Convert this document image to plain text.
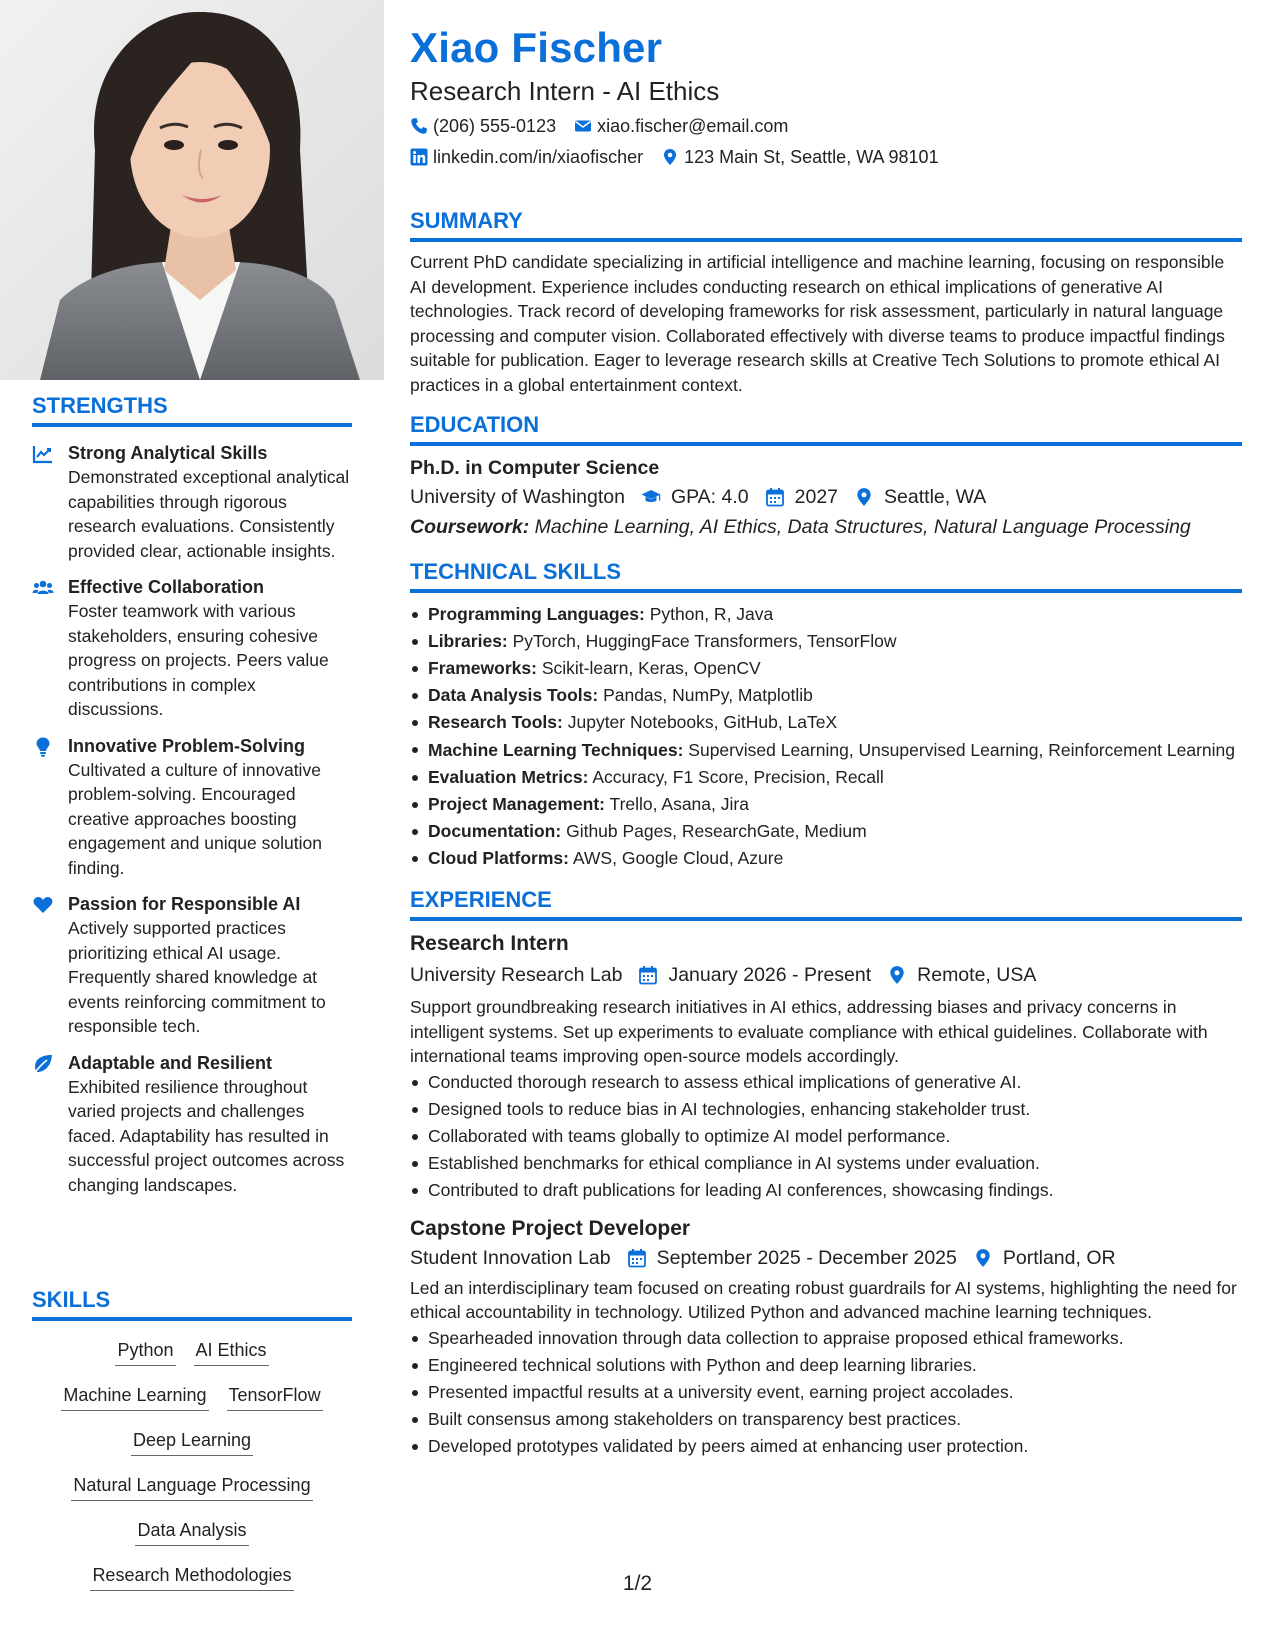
STRENGTHS
Strong Analytical Skills
Demonstrated exceptional analytical capabilities through rigorous research evaluations. Consistently provided clear, actionable insights.
Effective Collaboration
Foster teamwork with various stakeholders, ensuring cohesive progress on projects. Peers value contributions in complex discussions.
Innovative Problem-Solving
Cultivated a culture of innovative problem-solving. Encouraged creative approaches boosting engagement and unique solution finding.
Passion for Responsible AI
Actively supported practices prioritizing ethical AI usage. Frequently shared knowledge at events reinforcing commitment to responsible tech.
Adaptable and Resilient
Exhibited resilience throughout varied projects and challenges faced. Adaptability has resulted in successful project outcomes across changing landscapes.
SKILLS
Python AI Ethics
Machine Learning TensorFlow
Deep Learning
Natural Language Processing
Data Analysis
Research Methodologies
Xiao Fischer
Research Intern - AI Ethics
(206) 555-0123 xiao.fischer@email.com
linkedin.com/in/xiaofischer 123 Main St, Seattle, WA 98101
SUMMARY
Current PhD candidate specializing in artificial intelligence and machine learning, focusing on responsible AI development. Experience includes conducting research on ethical implications of generative AI technologies. Track record of developing frameworks for risk assessment, particularly in natural language processing and computer vision. Collaborated effectively with diverse teams to produce impactful findings suitable for publication. Eager to leverage research skills at Creative Tech Solutions to promote ethical AI practices in a global entertainment context.
EDUCATION
Ph.D. in Computer Science
University of Washington GPA: 4.0 2027 Seattle, WA
Coursework: Machine Learning, AI Ethics, Data Structures, Natural Language Processing
TECHNICAL SKILLS
Programming Languages: Python, R, Java
Libraries: PyTorch, HuggingFace Transformers, TensorFlow
Frameworks: Scikit-learn, Keras, OpenCV
Data Analysis Tools: Pandas, NumPy, Matplotlib
Research Tools: Jupyter Notebooks, GitHub, LaTeX
Machine Learning Techniques: Supervised Learning, Unsupervised Learning, Reinforcement Learning
Evaluation Metrics: Accuracy, F1 Score, Precision, Recall
Project Management: Trello, Asana, Jira
Documentation: Github Pages, ResearchGate, Medium
Cloud Platforms: AWS, Google Cloud, Azure
EXPERIENCE
Research Intern
University Research Lab January 2026 - Present Remote, USA
Support groundbreaking research initiatives in AI ethics, addressing biases and privacy concerns in intelligent systems. Set up experiments to evaluate compliance with ethical guidelines. Collaborate with international teams improving open-source models accordingly.
Conducted thorough research to assess ethical implications of generative AI.
Designed tools to reduce bias in AI technologies, enhancing stakeholder trust.
Collaborated with teams globally to optimize AI model performance.
Established benchmarks for ethical compliance in AI systems under evaluation.
Contributed to draft publications for leading AI conferences, showcasing findings.
Capstone Project Developer
Student Innovation Lab September 2025 - December 2025 Portland, OR
Led an interdisciplinary team focused on creating robust guardrails for AI systems, highlighting the need for ethical accountability in technology. Utilized Python and advanced machine learning techniques.
Spearheaded innovation through data collection to appraise proposed ethical frameworks.
Engineered technical solutions with Python and deep learning libraries.
Presented impactful results at a university event, earning project accolades.
Built consensus among stakeholders on transparency best practices.
Developed prototypes validated by peers aimed at enhancing user protection.
1/2
